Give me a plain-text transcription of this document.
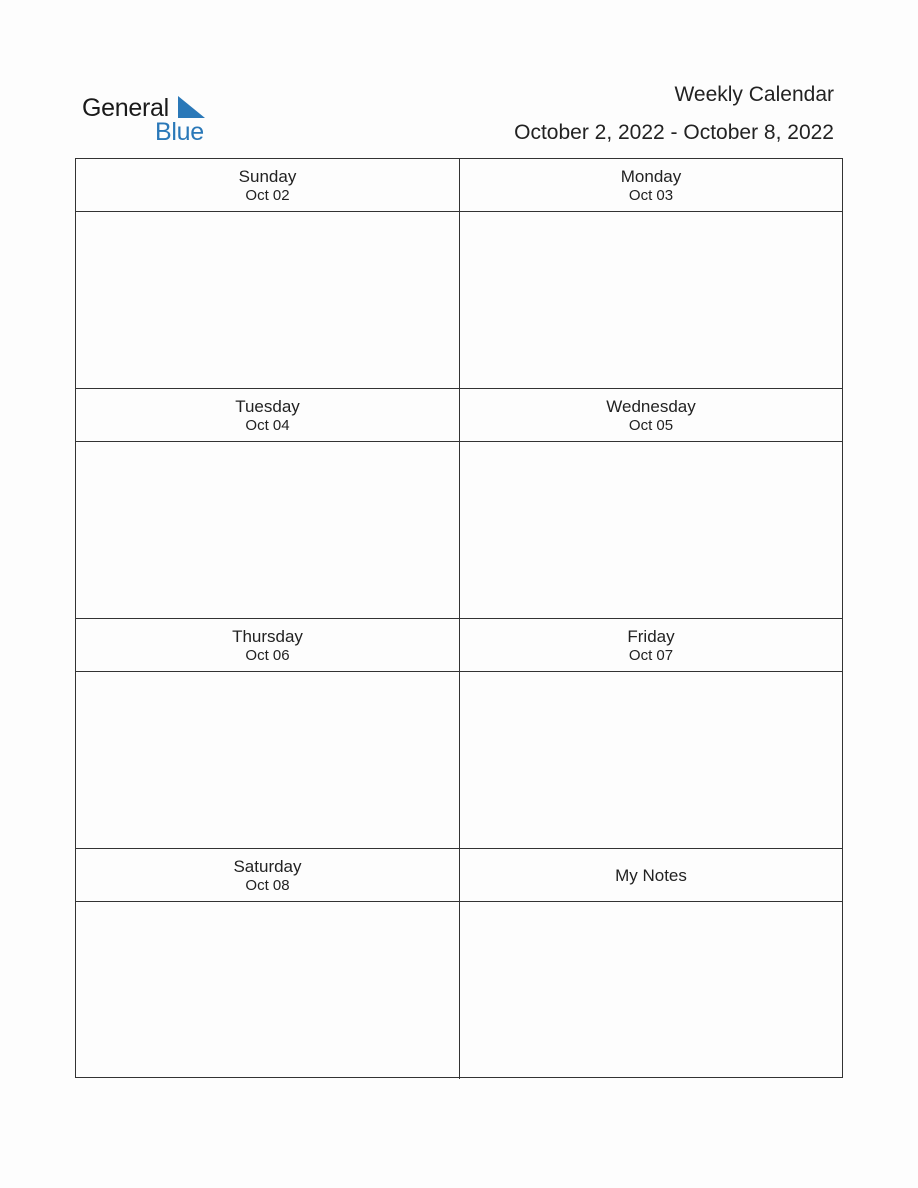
General
Blue
Weekly Calendar
October 2, 2022 - October 8, 2022
Sunday
Oct 02
Monday
Oct 03
Tuesday
Oct 04
Wednesday
Oct 05
Thursday
Oct 06
Friday
Oct 07
Saturday
Oct 08
My Notes
